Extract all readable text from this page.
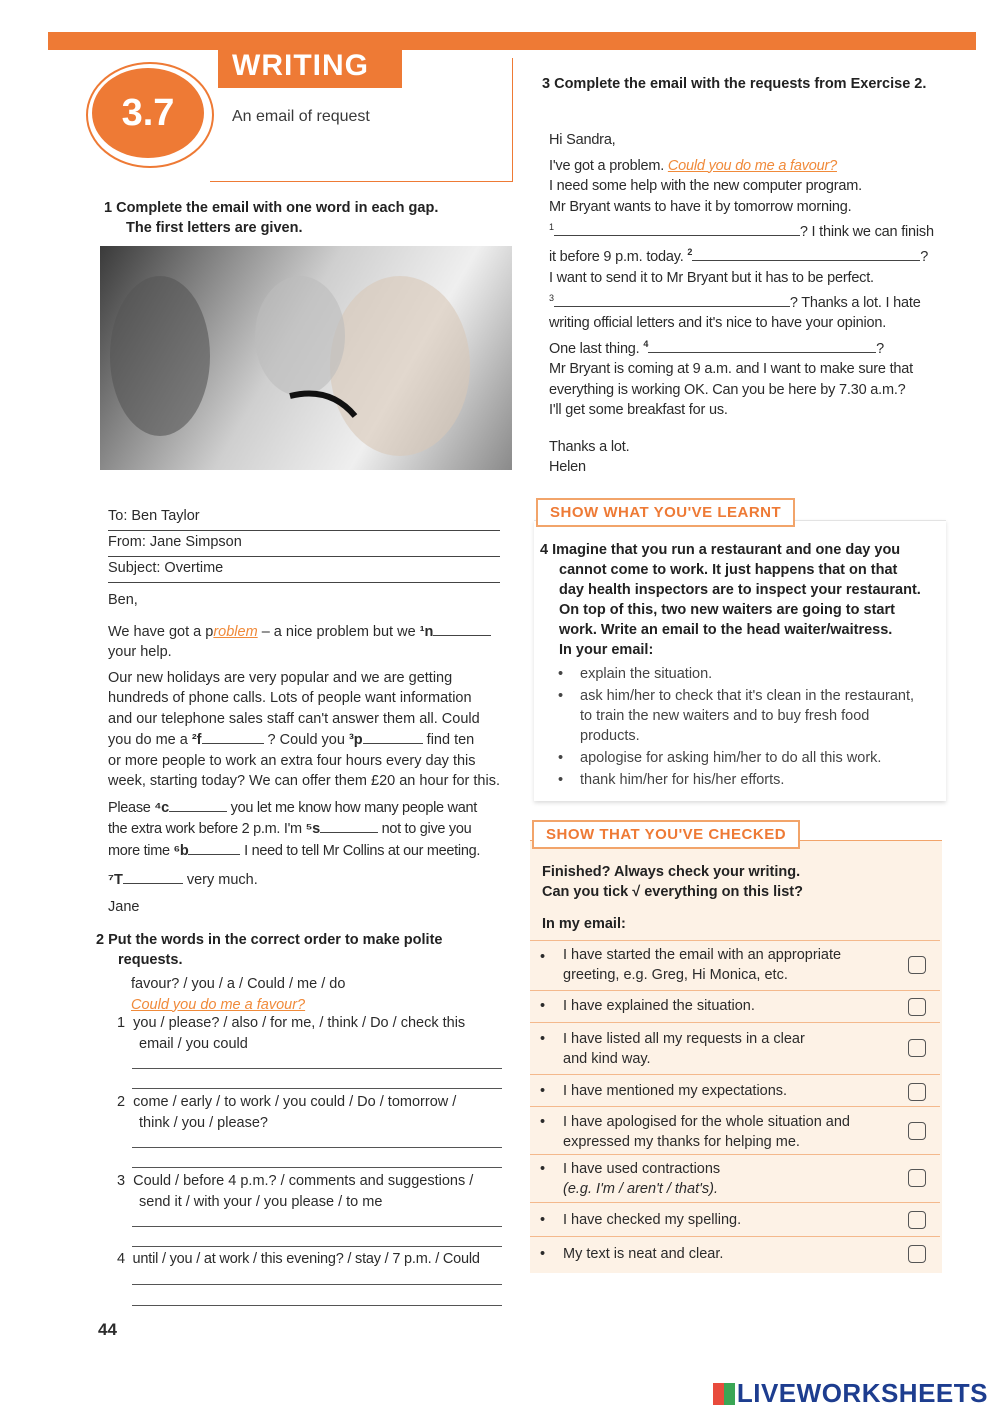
3.7
WRITING
An email of request
1 Complete the email with one word in each gap.
The first letters are given.
To: Ben Taylor
From: Jane Simpson
Subject: Overtime
Ben,
We have got a problem – a nice problem but we ¹n
your help.
Our new holidays are very popular and we are getting
hundreds of phone calls. Lots of people want information
and our telephone sales staff can't answer them all. Could
you do me a ²f	? Could you ³p	find ten
or more people to work an extra four hours every day this
week, starting today? We can offer them £20 an hour for this.
Please ⁴c	you let me know how many people want
the extra work before 2 p.m. I'm ⁵s	not to give you
more time ⁶b	I need to tell Mr Collins at our meeting.
⁷T	very much.
Jane
2 Put the words in the correct order to make polite
requests.
favour? / you / a / Could / me / do
Could you do me a favour?
1 you / please? / also / for me, / think / Do / check this
email / you could
2 come / early / to work / you could / Do / tomorrow /
think / you / please?
3 Could / before 4 p.m.? / comments and suggestions /
send it / with your / you please / to me
4 until / you / at work / this evening? / stay / 7 p.m. / Could
44
3 Complete the email with the requests from Exercise 2.
Hi Sandra,
I've got a problem. Could you do me a favour?
I need some help with the new computer program.
Mr Bryant wants to have it by tomorrow morning.
$^1$	? I think we can finish
it before 9 p.m. today. $^2$	?
I want to send it to Mr Bryant but it has to be perfect.
$^3$	? Thanks a lot. I hate
writing official letters and it's nice to have your opinion.
One last thing. $^4$	?
Mr Bryant is coming at 9 a.m. and I want to make sure that
everything is working OK. Can you be here by 7.30 a.m.?
I'll get some breakfast for us.
Thanks a lot.
Helen
SHOW WHAT YOU'VE LEARNT
4 Imagine that you run a restaurant and one day you
cannot come to work. It just happens that on that
day health inspectors are to inspect your restaurant.
On top of this, two new waiters are going to start
work. Write an email to the head waiter/waitress.
In your email:
• explain the situation.
• ask him/her to check that it's clean in the restaurant,
to train the new waiters and to buy fresh food
products.
• apologise for asking him/her to do all this work.
• thank him/her for his/her efforts.
SHOW THAT YOU'VE CHECKED
Finished? Always check your writing.
Can you tick √ everything on this list?
In my email:
• I have started the email with an appropriate
greeting, e.g. Greg, Hi Monica, etc.
• I have explained the situation.
• I have listed all my requests in a clear
and kind way.
• I have mentioned my expectations.
• I have apologised for the whole situation and
expressed my thanks for helping me.
• I have used contractions
(e.g. I'm / aren't / that's).
• I have checked my spelling.
• My text is neat and clear.
LIVEWORKSHEETS
